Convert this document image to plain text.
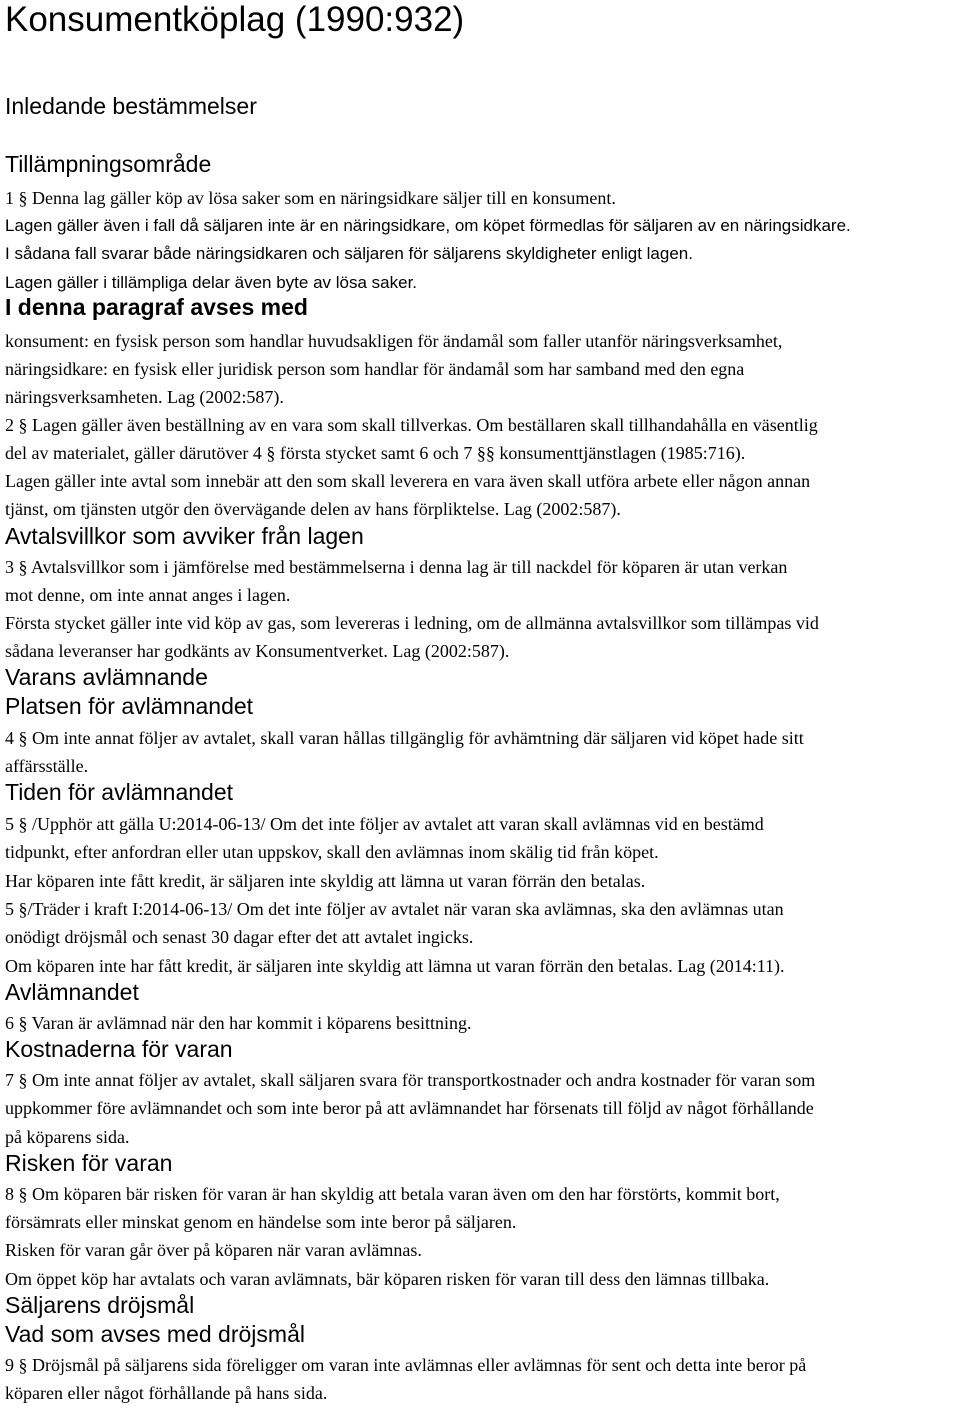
Konsumentköplag (1990:932)
Inledande bestämmelser
Tillämpningsområde
1 § Denna lag gäller köp av lösa saker som en näringsidkare säljer till en konsument.
Lagen gäller även i fall då säljaren inte är en näringsidkare, om köpet förmedlas för säljaren av en näringsidkare.
I sådana fall svarar både näringsidkaren och säljaren för säljarens skyldigheter enligt lagen.
Lagen gäller i tillämpliga delar även byte av lösa saker.
I denna paragraf avses med
konsument: en fysisk person som handlar huvudsakligen för ändamål som faller utanför näringsverksamhet,
näringsidkare: en fysisk eller juridisk person som handlar för ändamål som har samband med den egna
näringsverksamheten. Lag (2002:587).
2 § Lagen gäller även beställning av en vara som skall tillverkas. Om beställaren skall tillhandahålla en väsentlig
del av materialet, gäller därutöver 4 § första stycket samt 6 och 7 §§ konsumenttjänstlagen (1985:716).
Lagen gäller inte avtal som innebär att den som skall leverera en vara även skall utföra arbete eller någon annan
tjänst, om tjänsten utgör den övervägande delen av hans förpliktelse. Lag (2002:587).
Avtalsvillkor som avviker från lagen
3 § Avtalsvillkor som i jämförelse med bestämmelserna i denna lag är till nackdel för köparen är utan verkan
mot denne, om inte annat anges i lagen.
Första stycket gäller inte vid köp av gas, som levereras i ledning, om de allmänna avtalsvillkor som tillämpas vid
sådana leveranser har godkänts av Konsumentverket. Lag (2002:587).
Varans avlämnande
Platsen för avlämnandet
4 § Om inte annat följer av avtalet, skall varan hållas tillgänglig för avhämtning där säljaren vid köpet hade sitt
affärsställe.
Tiden för avlämnandet
5 § /Upphör att gälla U:2014-06-13/ Om det inte följer av avtalet att varan skall avlämnas vid en bestämd
tidpunkt, efter anfordran eller utan uppskov, skall den avlämnas inom skälig tid från köpet.
Har köparen inte fått kredit, är säljaren inte skyldig att lämna ut varan förrän den betalas.
5 §/Träder i kraft I:2014-06-13/ Om det inte följer av avtalet när varan ska avlämnas, ska den avlämnas utan
onödigt dröjsmål och senast 30 dagar efter det att avtalet ingicks.
Om köparen inte har fått kredit, är säljaren inte skyldig att lämna ut varan förrän den betalas. Lag (2014:11).
Avlämnandet
6 § Varan är avlämnad när den har kommit i köparens besittning.
Kostnaderna för varan
7 § Om inte annat följer av avtalet, skall säljaren svara för transportkostnader och andra kostnader för varan som
uppkommer före avlämnandet och som inte beror på att avlämnandet har försenats till följd av något förhållande
på köparens sida.
Risken för varan
8 § Om köparen bär risken för varan är han skyldig att betala varan även om den har förstörts, kommit bort,
försämrats eller minskat genom en händelse som inte beror på säljaren.
Risken för varan går över på köparen när varan avlämnas.
Om öppet köp har avtalats och varan avlämnats, bär köparen risken för varan till dess den lämnas tillbaka.
Säljarens dröjsmål
Vad som avses med dröjsmål
9 § Dröjsmål på säljarens sida föreligger om varan inte avlämnas eller avlämnas för sent och detta inte beror på
köparen eller något förhållande på hans sida.
